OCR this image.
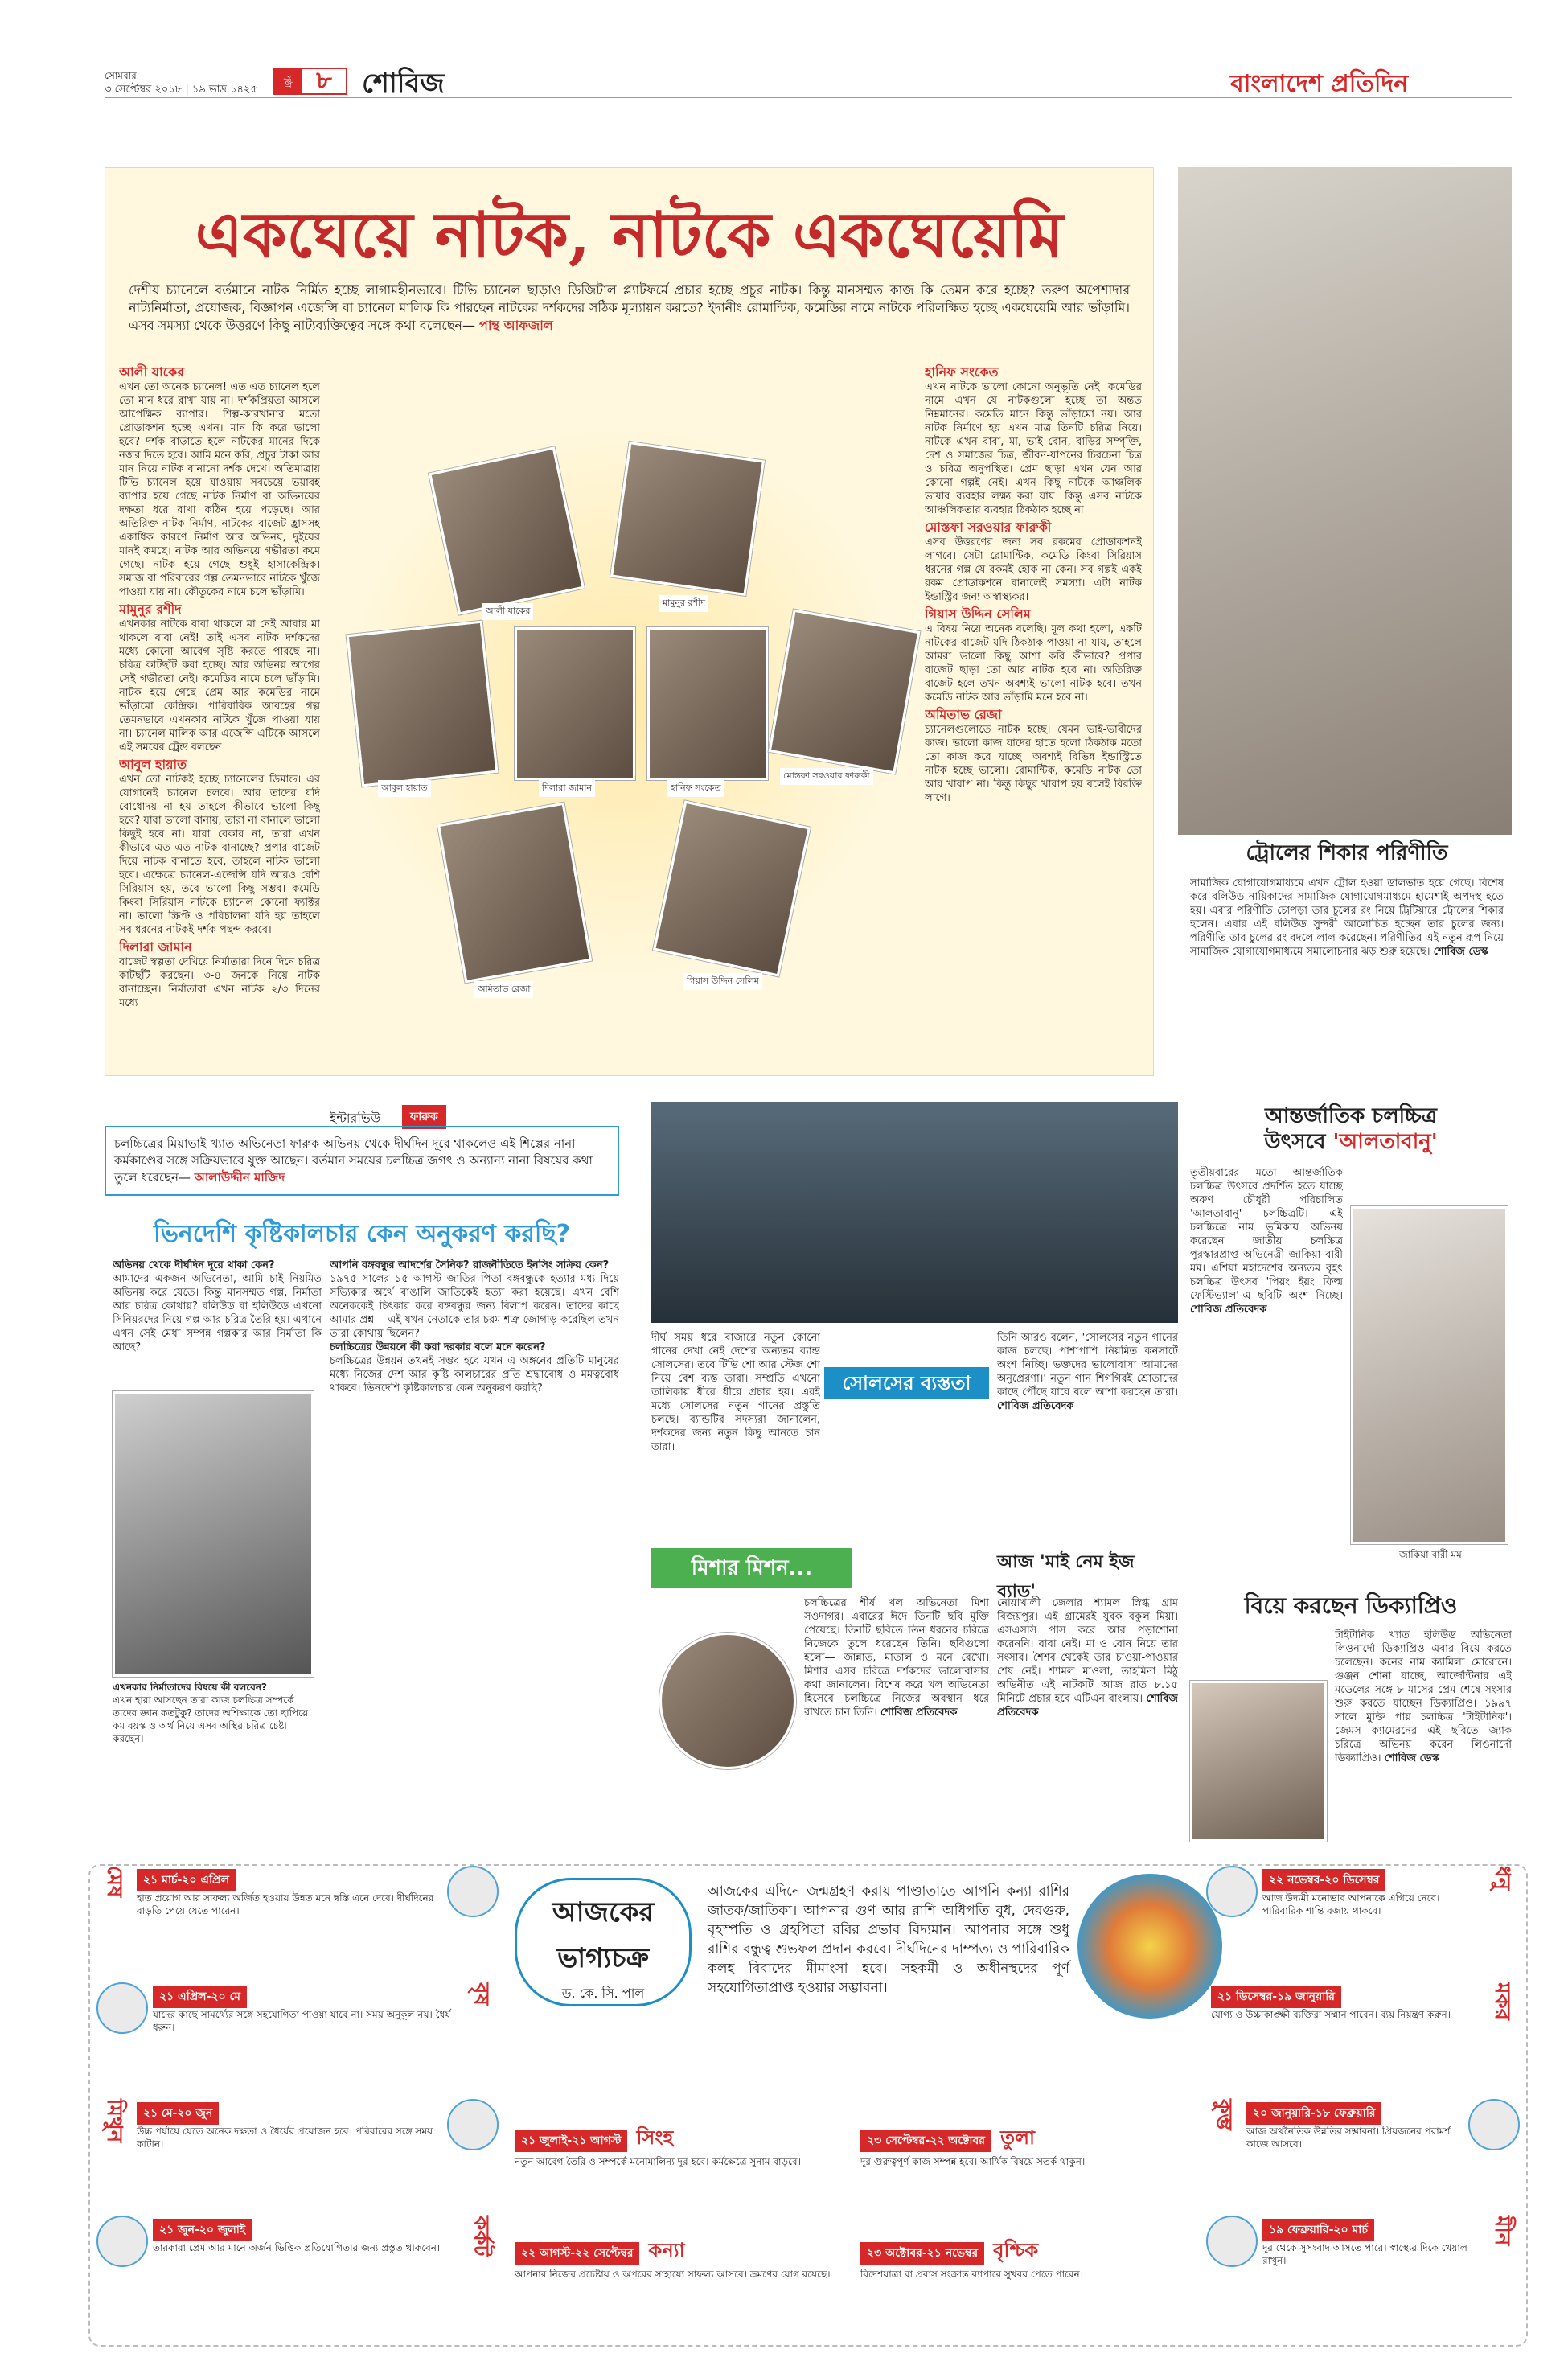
সোমবার
৩ সেপ্টেম্বর ২০১৮ | ১৯ ভাদ্র ১৪২৫
পৃষ্ঠা	৮	শোবিজ	বাংলাদেশ প্রতিদিন
একঘেয়ে নাটক, নাটকে একঘেয়েমি
দেশীয় চ্যানেলে বর্তমানে নাটক নির্মিত হচ্ছে লাগামহীনভাবে। টিভি চ্যানেল ছাড়াও ডিজিটাল প্ল্যাটফর্মে প্রচার হচ্ছে প্রচুর নাটক। কিন্তু মানসম্মত কাজ কি তেমন করে হচ্ছে? তরুণ অপেশাদার নাট্যনির্মাতা, প্রযোজক, বিজ্ঞাপন এজেন্সি বা চ্যানেল মালিক কি পারছেন নাটকের দর্শকদের সঠিক মূল্যায়ন করতে? ইদানীং রোমান্টিক, কমেডির নামে নাটকে পরিলক্ষিত হচ্ছে একঘেয়েমি আর ভাঁড়ামি। এসব সমস্যা থেকে উত্তরণে কিছু নাট্যব্যক্তিত্বের সঙ্গে কথা বলেছেন— পান্থ আফজাল
আলী যাকের
এখন তো অনেক চ্যানেল! এত এত চ্যানেল হলে তো মান ধরে রাখা যায় না। দর্শকপ্রিয়তা আসলে আপেক্ষিক ব্যাপার। শিল্প-কারখানার মতো প্রোডাকশন হচ্ছে এখন। মান কি করে ভালো হবে? দর্শক বাড়াতে হলে নাটকের মানের দিকে নজর দিতে হবে। আমি মনে করি, প্রচুর টাকা আর মান নিয়ে নাটক বানানো দর্শক দেখে। অতিমাত্রায় টিভি চ্যানেল হয়ে যাওয়ায় সবচেয়ে ভয়াবহ ব্যাপার হয়ে গেছে নাটক নির্মাণ বা অভিনয়ের দক্ষতা ধরে রাখা কঠিন হয়ে পড়েছে। আর অতিরিক্ত নাটক নির্মাণ, নাটকের বাজেট হ্রাসসহ একাধিক কারণে নির্মাণ আর অভিনয়, দুইয়ের মানই কমছে। নাটক আর অভিনয়ে গভীরতা কমে গেছে। নাটক হয়ে গেছে শুধুই হাসাকেন্দ্রিক। সমাজ বা পরিবারের গল্প তেমনভাবে নাটকে খুঁজে পাওয়া যায় না। কৌতুকের নামে চলে ভাঁড়ামি।
মামুনুর রশীদ
এখনকার নাটকে বাবা থাকলে মা নেই আবার মা থাকলে বাবা নেই! তাই এসব নাটক দর্শকদের মধ্যে কোনো আবেগ সৃষ্টি করতে পারছে না। চরিত্র কাটছাঁট করা হচ্ছে। আর অভিনয় আগের সেই গভীরতা নেই। কমেডির নামে চলে ভাঁড়ামি। নাটক হয়ে গেছে প্রেম আর কমেডির নামে ভাঁড়ামো কেন্দ্রিক। পারিবারিক আবহের গল্প তেমনভাবে এখনকার নাটকে খুঁজে পাওয়া যায় না। চ্যানেল মালিক আর এজেন্সি এটিকে আসলে এই সময়ের ট্রেন্ড বলছেন।
আবুল হায়াত
এখন তো নাটকই হচ্ছে চ্যানেলের ডিমান্ড। এর যোগানেই চ্যানেল চলবে। আর তাদের যদি বোধোদয় না হয় তাহলে কীভাবে ভালো কিছু হবে? যারা ভালো বানায়, তারা না বানালে ভালো কিছুই হবে না। যারা বেকার না, তারা এখন কীভাবে এত এত নাটক বানাচ্ছে? প্রপার বাজেট দিয়ে নাটক বানাতে হবে, তাহলে নাটক ভালো হবে। এক্ষেত্রে চ্যানেল-এজেন্সি যদি আরও বেশি সিরিয়াস হয়, তবে ভালো কিছু সম্ভব। কমেডি কিংবা সিরিয়াস নাটকে চ্যানেল কোনো ফ্যাক্টর না। ভালো স্ক্রিপ্ট ও পরিচালনা যদি হয় তাহলে সব ধরনের নাটকই দর্শক পছন্দ করবে।
দিলারা জামান
বাজেট স্বল্পতা দেখিয়ে নির্মাতারা দিনে দিনে চরিত্র কাটছাঁট করছেন। ৩-৪ জনকে নিয়ে নাটক বানাচ্ছেন। নির্মাতারা এখন নাটক ২/৩ দিনের মধ্যে
হানিফ সংকেত
এখন নাটকে ভালো কোনো অনুভূতি নেই। কমেডির নামে এখন যে নাটকগুলো হচ্ছে তা অন্তত নিম্নমানের। কমেডি মানে কিন্তু ভাঁড়ামো নয়। আর নাটক নির্মাণে হয় এখন মাত্র তিনটি চরিত্র নিয়ে। নাটকে এখন বাবা, মা, ভাই বোন, বাড়ির সম্পৃক্তি, দেশ ও সমাজের চিত্র, জীবন-যাপনের চিরচেনা চিত্র ও চরিত্র অনুপস্থিত। প্রেম ছাড়া এখন যেন আর কোনো গল্পই নেই। এখন কিছু নাটকে আঞ্চলিক ভাষার ব্যবহার লক্ষ্য করা যায়। কিন্তু এসব নাটকে আঞ্চলিকতার ব্যবহার ঠিকঠাক হচ্ছে না।
মোস্তফা সরওয়ার ফারুকী
এসব উত্তরণের জন্য সব রকমের প্রোডাকশনই লাগবে। সেটা রোমান্টিক, কমেডি কিংবা সিরিয়াস ধরনের গল্প যে রকমই হোক না কেন। সব গল্পই একই রকম প্রোডাকশনে বানালেই সমস্যা। এটা নাটক ইন্ডাস্ট্রির জন্য অস্বাস্থ্যকর।
গিয়াস উদ্দিন সেলিম
এ বিষয় নিয়ে অনেক বলেছি। মূল কথা হলো, একটি নাটকের বাজেট যদি ঠিকঠাক পাওয়া না যায়, তাহলে আমরা ভালো কিছু আশা করি কীভাবে? প্রপার বাজেট ছাড়া তো আর নাটক হবে না। অতিরিক্ত বাজেট হলে তখন অবশ্যই ভালো নাটক হবে। তখন কমেডি নাটক আর ভাঁড়ামি মনে হবে না।
অমিতাভ রেজা
চ্যানেলগুলোতে নাটক হচ্ছে। যেমন ভাই-ভাবীদের কাজ। ভালো কাজ যাদের হাতে হলো ঠিকঠাক মতো তো কাজ করে যাচ্ছে। অবশ্যই বিভিন্ন ইন্ডাস্ট্রিতে নাটক হচ্ছে ভালো। রোমান্টিক, কমেডি নাটক তো আর খারাপ না। কিন্তু কিছুর খারাপ হয় বলেই বিরক্তি লাগে।
আলী যাকের
মামুনুর রশীদ
আবুল হায়াত	দিলারা জামান	হানিফ সংকেত
মোস্তফা সরওয়ার ফারুকী
অমিতাভ রেজা
গিয়াস উদ্দিন সেলিম
ট্রোলের শিকার পরিণীতি
সামাজিক যোগাযোগমাধ্যমে এখন ট্রোল হওয়া ডালভাত হয়ে গেছে। বিশেষ করে বলিউড নায়িকাদের সামাজিক যোগাযোগমাধ্যমে হামেশাই অপদস্থ হতে হয়। এবার পরিণীতি চোপড়া তার চুলের রং নিয়ে ট্রিটিয়ারে ট্রোলের শিকার হলেন। এবার এই বলিউড সুন্দরী আলোচিত হচ্ছেন তার চুলের জন্য। পরিণীতি তার চুলের রং বদলে লাল করেছেন। পরিণীতির এই নতুন রূপ নিয়ে সামাজিক যোগাযোগমাধ্যমে সমালোচনার ঝড় শুরু হয়েছে। শোবিজ ডেস্ক
ইন্টারভিউ	ফারুক
চলচ্চিত্রের মিয়াভাই খ্যাত অভিনেতা ফারুক অভিনয় থেকে দীর্ঘদিন দূরে থাকলেও এই শিল্পের নানা কর্মকাণ্ডের সঙ্গে সক্রিয়ভাবে যুক্ত আছেন। বর্তমান সময়ের চলচ্চিত্র জগৎ ও অন্যান্য নানা বিষয়ের কথা তুলে ধরেছেন— আলাউদ্দীন মাজিদ
ভিনদেশি কৃষ্টিকালচার কেন অনুকরণ করছি?
অভিনয় থেকে দীর্ঘদিন দূরে থাকা কেন?
আমাদের একজন অভিনেতা, আমি চাই নিয়মিত অভিনয় করে যেতে। কিন্তু মানসম্মত গল্প, নির্মাতা আর চরিত্র কোথায়? বলিউড বা হলিউডে এখনো সিনিয়রদের নিয়ে গল্প আর চরিত্র তৈরি হয়। এখানে এখন সেই মেধা সম্পন্ন গল্পকার আর নির্মাতা কি আছে?
এখনকার নির্মাতাদের বিষয়ে কী বলবেন?
এখন হারা আসছেন তারা কাজ চলচ্চিত্র সম্পর্কে তাদের জ্ঞান কতটুকু? তাদের অশিক্ষাকে তো ছাপিয়ে কম বয়স্ক ও অর্থ নিয়ে এসব অস্থির চরিত্র চেষ্টা করছেন।
আপনি বঙ্গবন্ধুর আদর্শের সৈনিক? রাজনীতিতে ইনসিং সক্রিয় কেন?
১৯৭৫ সালের ১৫ আগস্ট জাতির পিতা বঙ্গবন্ধুকে হত্যার মধ্য দিয়ে সভ্যিকার অর্থে বাঙালি জাতিকেই হত্যা করা হয়েছে। এখন বেশি অনেককেই চিৎকার করে বঙ্গবন্ধুর জন্য বিলাপ করেন। তাদের কাছে আমার প্রশ্ন— এই যখন নেতাকে তার চরম শত্রু জোগাড় করেছিল তখন তারা কোথায় ছিলেন?
চলচ্চিত্রের উন্নয়নে কী করা দরকার বলে মনে করেন?
চলচ্চিত্রের উন্নয়ন তখনই সম্ভব হবে যখন এ অঙ্গনের প্রতিটি মানুষের মধ্যে নিজের দেশ আর কৃষ্টি কালচারের প্রতি শ্রদ্ধাবোধ ও মমত্ববোধ থাকবে। ভিনদেশি কৃষ্টিকালচার কেন অনুকরণ করছি?
দীর্ঘ সময় ধরে বাজারে নতুন কোনো গানের দেখা নেই দেশের অন্যতম ব্যান্ড সোলসের। তবে টিভি শো আর স্টেজ শো নিয়ে বেশ ব্যস্ত তারা। সম্প্রতি এখনো তালিকায় ধীরে ধীরে প্রচার হয়। এরই মধ্যে সোলসের নতুন গানের প্রস্তুতি চলছে। ব্যান্ডটির সদস্যরা জানালেন, দর্শকদের জন্য নতুন কিছু আনতে চান তারা।
সোলসের ব্যস্ততা
তিনি আরও বলেন, 'সোলসের নতুন গানের কাজ চলছে। পাশাপাশি নিয়মিত কনসার্টে অংশ নিচ্ছি। ভক্তদের ভালোবাসা আমাদের অনুপ্রেরণা।' নতুন গান শিগগিরই শ্রোতাদের কাছে পৌঁছে যাবে বলে আশা করছেন তারা। শোবিজ প্রতিবেদক
মিশার মিশন...
চলচ্চিত্রের শীর্ষ খল অভিনেতা মিশা সওদাগর। এবারের ঈদে তিনটি ছবি মুক্তি পেয়েছে। তিনটি ছবিতে তিন ধরনের চরিত্রে নিজেকে তুলে ধরেছেন তিনি। ছবিগুলো হলো— জান্নাত, মাতাল ও মনে রেখো। মিশার এসব চরিত্রে দর্শকদের ভালোবাসার কথা জানালেন। বিশেষ করে খল অভিনেতা হিসেবে চলচ্চিত্রে নিজের অবস্থান ধরে রাখতে চান তিনি। শোবিজ প্রতিবেদক
আজ 'মাই নেম ইজ ব্যাড'
নোয়াখালী জেলার শ্যামল স্নিগ্ধ গ্রাম বিজয়পুর। এই গ্রামেরই যুবক বকুল মিয়া। এসএসসি পাস করে আর পড়াশোনা করেননি। বাবা নেই। মা ও বোন নিয়ে তার সংসার। শৈশব থেকেই তার চাওয়া-পাওয়ার শেষ নেই। শ্যামল মাওলা, তাহমিনা মিঠু অভিনীত এই নাটকটি আজ রাত ৮.১৫ মিনিটে প্রচার হবে এটিএন বাংলায়। শোবিজ প্রতিবেদক
আন্তর্জাতিক চলচ্চিত্র
উৎসবে 'আলতাবানু'
তৃতীয়বারের মতো আন্তর্জাতিক চলচ্চিত্র উৎসবে প্রদর্শিত হতে যাচ্ছে অরুণ চৌধুরী পরিচালিত 'আলতাবানু' চলচ্চিত্রটি। এই চলচ্চিত্রে নাম ভূমিকায় অভিনয় করেছেন জাতীয় চলচ্চিত্র পুরস্কারপ্রাপ্ত অভিনেত্রী জাকিয়া বারী মম। এশিয়া মহাদেশের অন্যতম বৃহৎ চলচ্চিত্র উৎসব 'পিয়ং ইয়ং ফিল্ম ফেস্টিভ্যাল'-এ ছবিটি অংশ নিচ্ছে। শোবিজ প্রতিবেদক
জাকিয়া বারী মম
বিয়ে করছেন ডিক্যাপ্রিও
টাইটানিক খ্যাত হলিউড অভিনেতা লিওনার্দো ডিক্যাপ্রিও এবার বিয়ে করতে চলেছেন। কনের নাম ক্যামিলা মোরোনে। গুঞ্জন শোনা যাচ্ছে, আর্জেন্টিনার এই মডেলের সঙ্গে ৮ মাসের প্রেম শেষে সংসার শুরু করতে যাচ্ছেন ডিক্যাপ্রিও। ১৯৯৭ সালে মুক্তি পায় চলচ্চিত্র 'টাইটানিক'। জেমস ক্যামেরনের এই ছবিতে জ্যাক চরিত্রে অভিনয় করেন লিওনার্দো ডিক্যাপ্রিও। শোবিজ ডেস্ক
আজকের
ভাগ্যচক্র
ড. কে. সি. পাল
আজকের এদিনে জন্মগ্রহণ করায় পাণ্ডাতাতে আপনি কন্যা রাশির জাতক/জাতিকা। আপনার গুণ আর রাশি অধিপতি বুধ, দেবগুরু, বৃহস্পতি ও গ্রহপিতা রবির প্রভাব বিদ্যমান। আপনার সঙ্গে শুধু রাশির বন্ধুত্ব শুভফল প্রদান করবে। দীর্ঘদিনের দাম্পত্য ও পারিবারিক কলহ বিবাদের মীমাংসা হবে। সহকর্মী ও অধীনস্থদের পূর্ণ সহযোগিতাপ্রাপ্ত হওয়ার সম্ভাবনা।
মেষ	২১ মার্চ-২০ এপ্রিল
হাত প্রয়োগ আর সাফল্য অর্জিত হওয়ায় উন্নত মনে স্বস্তি এনে দেবে। দীর্ঘদিনের বাড়তি পেয়ে যেতে পারেন।
২১ এপ্রিল-২০ মে
যাদের কাছে সামর্থ্যের সঙ্গে সহযোগিতা পাওয়া যাবে না। সময় অনুকূল নয়। ধৈর্য ধরুন।
বৃষ
মিথুন	২১ মে-২০ জুন
উচ্চ পর্যায়ে যেতে অনেক দক্ষতা ও ধৈর্যের প্রয়োজন হবে। পরিবারের সঙ্গে সময় কাটান।
২১ জুন-২০ জুলাই
তারকারা প্রেম আর মানে অর্জন ভিত্তিক প্রতিযোগিতার জন্য প্রস্তুত থাকবেন।	কর্কট
২১ জুলাই-২১ আগস্ট সিংহ
নতুন আবেগ তৈরি ও সম্পর্কে মনোমালিন্য দূর হবে। কর্মক্ষেত্রে সুনাম বাড়বে।
২৩ সেপ্টেম্বর-২২ অক্টোবর তুলা
দূর গুরুত্বপূর্ণ কাজ সম্পন্ন হবে। আর্থিক বিষয়ে সতর্ক থাকুন।
২২ আগস্ট-২২ সেপ্টেম্বর কন্যা
আপনার নিজের প্রচেষ্টায় ও অপরের সাহায্যে সাফল্য আসবে। ভ্রমণের যোগ রয়েছে।
২৩ অক্টোবর-২১ নভেম্বর বৃশ্চিক
বিদেশযাত্রা বা প্রবাস সংক্রান্ত ব্যাপারে সুখবর পেতে পারেন।
২২ নভেম্বর-২০ ডিসেম্বর
আজ উদ্যমী মনোভাব আপনাকে এগিয়ে নেবে। পারিবারিক শান্তি বজায় থাকবে।
ধনু
২১ ডিসেম্বর-১৯ জানুয়ারি
যোগ্য ও উচ্চাকাঙ্ক্ষী ব্যক্তিরা সম্মান পাবেন। ব্যয় নিয়ন্ত্রণ করুন।	মকর
কুম্ভ	২০ জানুয়ারি-১৮ ফেব্রুয়ারি
আজ অর্থনৈতিক উন্নতির সম্ভাবনা। প্রিয়জনের পরামর্শ কাজে আসবে।
১৯ ফেব্রুয়ারি-২০ মার্চ
দূর থেকে সুসংবাদ আসতে পারে। স্বাস্থ্যের দিকে খেয়াল রাখুন।
মীন
